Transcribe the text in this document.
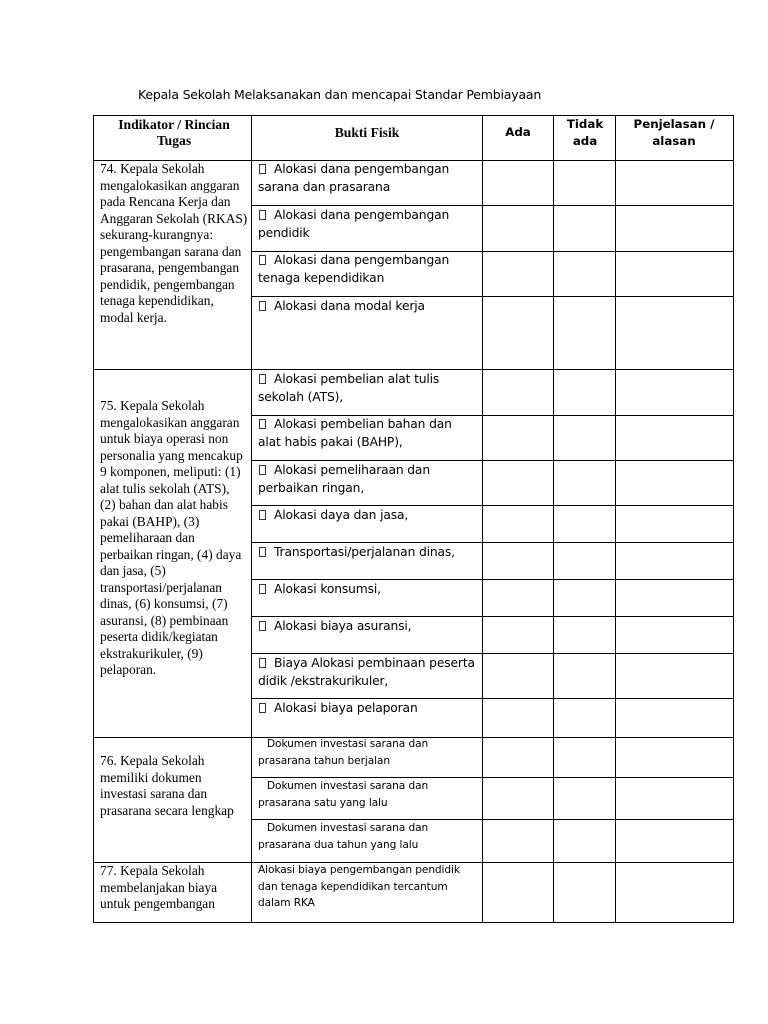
Kepala Sekolah Melaksanakan dan mencapai Standar Pembiayaan
Indikator / Rincian Tugas
Bukti Fisik	Ada
Tidak ada
Penjelasan / alasan
74. Kepala Sekolah mengalokasikan anggaran pada Rencana Kerja dan Anggaran Sekolah (RKAS) sekurang-kurangnya: pengembangan sarana dan prasarana, pengembangan pendidik, pengembangan tenaga kependidikan, modal kerja.
Alokasi dana pengembangan sarana dan prasarana
Alokasi dana pengembangan pendidik
Alokasi dana pengembangan tenaga kependidikan
Alokasi dana modal kerja
75. Kepala Sekolah mengalokasikan anggaran untuk biaya operasi non personalia yang mencakup 9 komponen, meliputi: (1) alat tulis sekolah (ATS), (2) bahan dan alat habis pakai (BAHP), (3) pemeliharaan dan perbaikan ringan, (4) daya dan jasa, (5) transportasi/perjalanan dinas, (6) konsumsi, (7) asuransi, (8) pembinaan peserta didik/kegiatan ekstrakurikuler, (9) pelaporan.
Alokasi pembelian alat tulis sekolah (ATS),
Alokasi pembelian bahan dan alat habis pakai (BAHP),
Alokasi pemeliharaan dan perbaikan ringan,
Alokasi daya dan jasa,
Transportasi/perjalanan dinas,
Alokasi konsumsi,
Alokasi biaya asuransi,
Biaya Alokasi pembinaan peserta didik /ekstrakurikuler,
Alokasi biaya pelaporan
76. Kepala Sekolah memiliki dokumen investasi sarana dan prasarana secara lengkap
Dokumen investasi sarana dan prasarana tahun berjalan
Dokumen investasi sarana dan prasarana satu yang lalu
Dokumen investasi sarana dan prasarana dua tahun yang lalu
77. Kepala Sekolah membelanjakan biaya untuk pengembangan
Alokasi biaya pengembangan pendidik dan tenaga kependidikan tercantum dalam RKA
